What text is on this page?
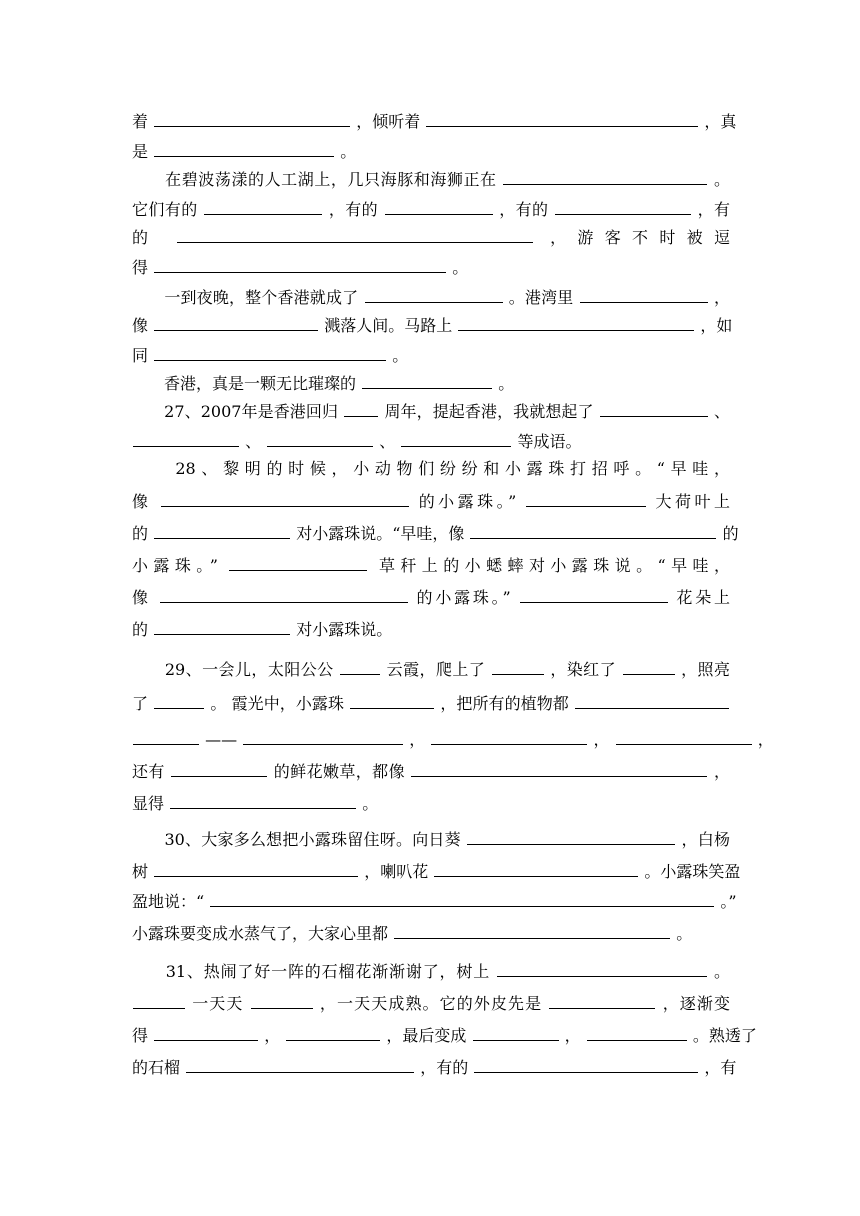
着	，倾听着	，真
是	。
　　在碧波荡漾的人工湖上，几只海豚和海狮正在	。
它们有的	，有的	，有的	，有
的	，游客不时被逗
得	。
　　一到夜晚，整个香港就成了	。港湾里	，
像	溅落人间。马路上	，如
同	。
　　香港，真是一颗无比璀璨的	。
　　27、2007年是香港回归	周年，提起香港，我就想起了	、
、	、	等成语。
　　28、黎明的时候，小动物们纷纷和小露珠打招呼。“早哇，
像	的小露珠。”	大荷叶上
的	对小露珠说。“早哇，像	的
小露珠。”	草秆上的小蟋蟀对小露珠说。“早哇，
像	的小露珠。”	花朵上
的	对小露珠说。
　　29、一会儿，太阳公公	云霞，爬上了	，染红了	，照亮
了	。 霞光中，小露珠	，把所有的植物都
——	，	，	，
还有	的鲜花嫩草，都像	，
显得	。
　　30、大家多么想把小露珠留住呀。向日葵	，白杨
树	，喇叭花	。小露珠笑盈
盈地说：“	。”
小露珠要变成水蒸气了，大家心里都	。
　　31、热闹了好一阵的石榴花渐渐谢了，树上	。
一天天	，一天天成熟。它的外皮先是	，逐渐变
得	，	，最后变成	，	。熟透了
的石榴	，有的	，有
